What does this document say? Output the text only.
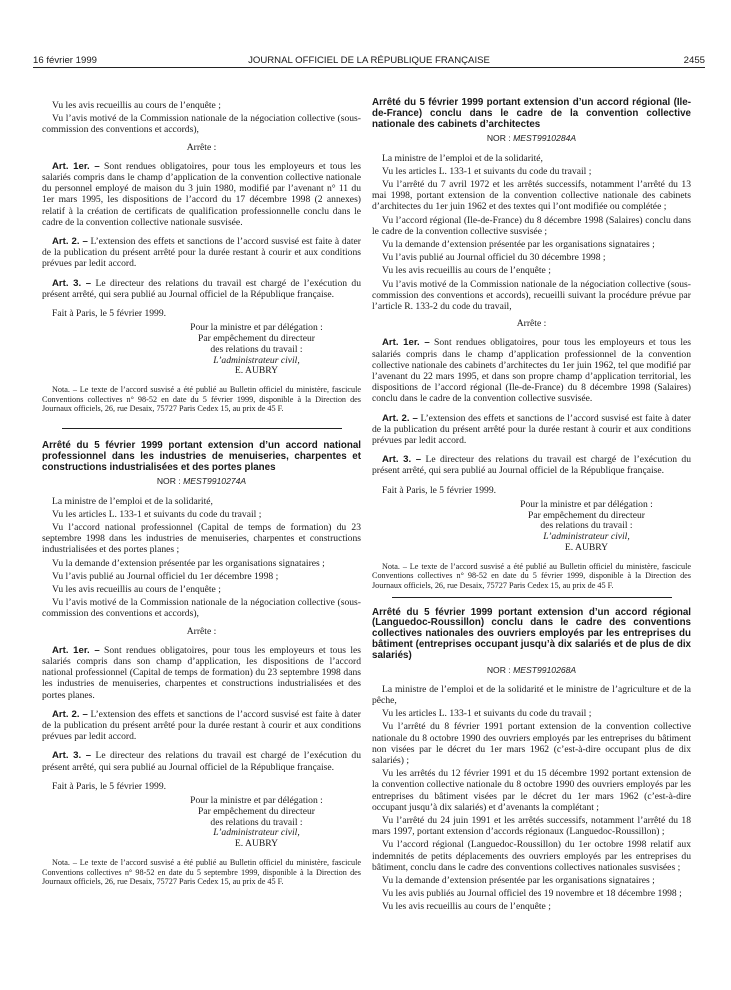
16 février 1999	JOURNAL OFFICIEL DE LA RÉPUBLIQUE FRANÇAISE	2455

Vu les avis recueillis au cours de l’enquête ;

Vu l’avis motivé de la Commission nationale de la négociation collective (sous-commission des conventions et accords),

Arrête :

Art. 1er. – Sont rendues obligatoires, pour tous les employeurs et tous les salariés compris dans le champ d’application de la convention collective nationale du personnel employé de maison du 3 juin 1980, modifié par l’avenant n° 11 du 1er mars 1995, les dispositions de l’accord du 17 décembre 1998 (2 annexes) relatif à la création de certificats de qualification professionnelle conclu dans le cadre de la convention collective nationale susvisée.

Art. 2. – L’extension des effets et sanctions de l’accord susvisé est faite à dater de la publication du présent arrêté pour la durée restant à courir et aux conditions prévues par ledit accord.

Art. 3. – Le directeur des relations du travail est chargé de l’exécution du présent arrêté, qui sera publié au Journal officiel de la République française.

Fait à Paris, le 5 février 1999.

Pour la ministre et par délégation :
Par empêchement du directeur
des relations du travail :
L’administrateur civil,
E. AUBRY

Nota. – Le texte de l’accord susvisé a été publié au Bulletin officiel du ministère, fascicule Conventions collectives n° 98-52 en date du 5 février 1999, disponible à la Direction des Journaux officiels, 26, rue Desaix, 75727 Paris Cedex 15, au prix de 45 F.

Arrêté du 5 février 1999 portant extension d’un accord national professionnel dans les industries de menuiseries, charpentes et constructions industrialisées et des portes planes
NOR : MEST9910274A

La ministre de l’emploi et de la solidarité,

Vu les articles L. 133-1 et suivants du code du travail ;

Vu l’accord national professionnel (Capital de temps de formation) du 23 septembre 1998 dans les industries de menuiseries, charpentes et constructions industrialisées et des portes planes ;

Vu la demande d’extension présentée par les organisations signataires ;

Vu l’avis publié au Journal officiel du 1er décembre 1998 ;

Vu les avis recueillis au cours de l’enquête ;

Vu l’avis motivé de la Commission nationale de la négociation collective (sous-commission des conventions et accords),

Arrête :

Art. 1er. – Sont rendues obligatoires, pour tous les employeurs et tous les salariés compris dans son champ d’application, les dispositions de l’accord national professionnel (Capital de temps de formation) du 23 septembre 1998 dans les industries de menuiseries, charpentes et constructions industrialisées et des portes planes.

Art. 2. – L’extension des effets et sanctions de l’accord susvisé est faite à dater de la publication du présent arrêté pour la durée restant à courir et aux conditions prévues par ledit accord.

Art. 3. – Le directeur des relations du travail est chargé de l’exécution du présent arrêté, qui sera publié au Journal officiel de la République française.

Fait à Paris, le 5 février 1999.

Pour la ministre et par délégation :
Par empêchement du directeur
des relations du travail :
L’administrateur civil,
E. AUBRY

Nota. – Le texte de l’accord susvisé a été publié au Bulletin officiel du ministère, fascicule Conventions collectives n° 98-52 en date du 5 septembre 1999, disponible à la Direction des Journaux officiels, 26, rue Desaix, 75727 Paris Cedex 15, au prix de 45 F.

Arrêté du 5 février 1999 portant extension d’un accord régional (Ile-de-France) conclu dans le cadre de la convention collective nationale des cabinets d’architectes
NOR : MEST9910284A

La ministre de l’emploi et de la solidarité,

Vu les articles L. 133-1 et suivants du code du travail ;

Vu l’arrêté du 7 avril 1972 et les arrêtés successifs, notamment l’arrêté du 13 mai 1998, portant extension de la convention collective nationale des cabinets d’architectes du 1er juin 1962 et des textes qui l’ont modifiée ou complétée ;

Vu l’accord régional (Ile-de-France) du 8 décembre 1998 (Salaires) conclu dans le cadre de la convention collective susvisée ;

Vu la demande d’extension présentée par les organisations signataires ;

Vu l’avis publié au Journal officiel du 30 décembre 1998 ;

Vu les avis recueillis au cours de l’enquête ;

Vu l’avis motivé de la Commission nationale de la négociation collective (sous-commission des conventions et accords), recueilli suivant la procédure prévue par l’article R. 133-2 du code du travail,

Arrête :

Art. 1er. – Sont rendues obligatoires, pour tous les employeurs et tous les salariés compris dans le champ d’application professionnel de la convention collective nationale des cabinets d’architectes du 1er juin 1962, tel que modifié par l’avenant du 22 mars 1995, et dans son propre champ d’application territorial, les dispositions de l’accord régional (Ile-de-France) du 8 décembre 1998 (Salaires) conclu dans le cadre de la convention collective susvisée.

Art. 2. – L’extension des effets et sanctions de l’accord susvisé est faite à dater de la publication du présent arrêté pour la durée restant à courir et aux conditions prévues par ledit accord.

Art. 3. – Le directeur des relations du travail est chargé de l’exécution du présent arrêté, qui sera publié au Journal officiel de la République française.

Fait à Paris, le 5 février 1999.

Pour la ministre et par délégation :
Par empêchement du directeur
des relations du travail :
L’administrateur civil,
E. AUBRY

Nota. – Le texte de l’accord susvisé a été publié au Bulletin officiel du ministère, fascicule Conventions collectives n° 98-52 en date du 5 février 1999, disponible à la Direction des Journaux officiels, 26, rue Desaix, 75727 Paris Cedex 15, au prix de 45 F.

Arrêté du 5 février 1999 portant extension d’un accord régional (Languedoc-Roussillon) conclu dans le cadre des conventions collectives nationales des ouvriers employés par les entreprises du bâtiment (entreprises occupant jusqu’à dix salariés et de plus de dix salariés)
NOR : MEST9910268A

La ministre de l’emploi et de la solidarité et le ministre de l’agriculture et de la pêche,

Vu les articles L. 133-1 et suivants du code du travail ;

Vu l’arrêté du 8 février 1991 portant extension de la convention collective nationale du 8 octobre 1990 des ouvriers employés par les entreprises du bâtiment non visées par le décret du 1er mars 1962 (c’est-à-dire occupant plus de dix salariés) ;

Vu les arrêtés du 12 février 1991 et du 15 décembre 1992 portant extension de la convention collective nationale du 8 octobre 1990 des ouvriers employés par les entreprises du bâtiment visées par le décret du 1er mars 1962 (c’est-à-dire occupant jusqu’à dix salariés) et d’avenants la complétant ;

Vu l’arrêté du 24 juin 1991 et les arrêtés successifs, notamment l’arrêté du 18 mars 1997, portant extension d’accords régionaux (Languedoc-Roussillon) ;

Vu l’accord régional (Languedoc-Roussillon) du 1er octobre 1998 relatif aux indemnités de petits déplacements des ouvriers employés par les entreprises du bâtiment, conclu dans le cadre des conventions collectives nationales susvisées ;

Vu la demande d’extension présentée par les organisations signataires ;

Vu les avis publiés au Journal officiel des 19 novembre et 18 décembre 1998 ;

Vu les avis recueillis au cours de l’enquête ;
